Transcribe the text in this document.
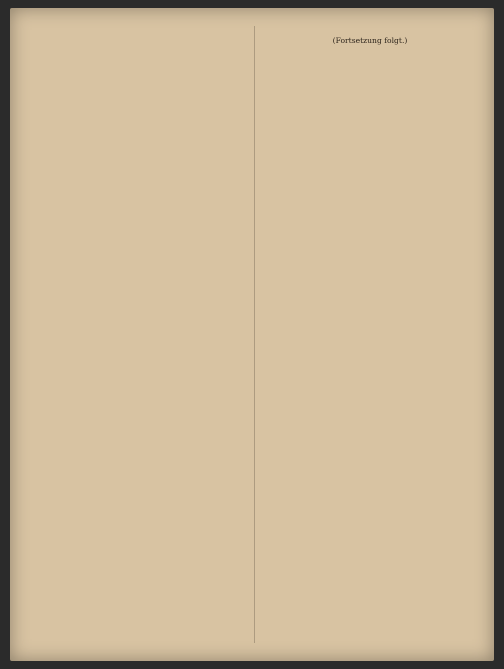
(Fortsetzung folgt.)
